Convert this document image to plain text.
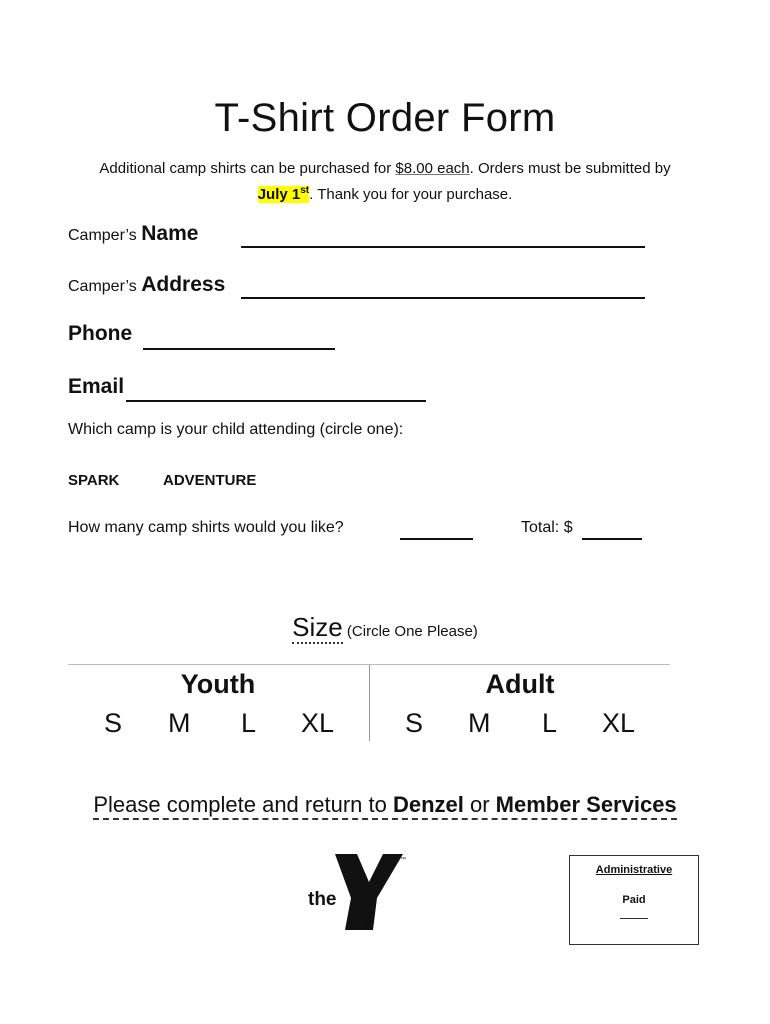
T-Shirt Order Form
Additional camp shirts can be purchased for $8.00 each. Orders must be submitted by
July 1st. Thank you for your purchase.
Camper’s Name
Camper’s Address
Phone
Email
Which camp is your child attending (circle one):
SPARK	ADVENTURE
How many camp shirts would you like?	Total: $
Size (Circle One Please)
Youth
S M L XL
Adult
S M L XL
Please complete and return to Denzel or Member Services
the
YMCA
™
Administrative
Paid
